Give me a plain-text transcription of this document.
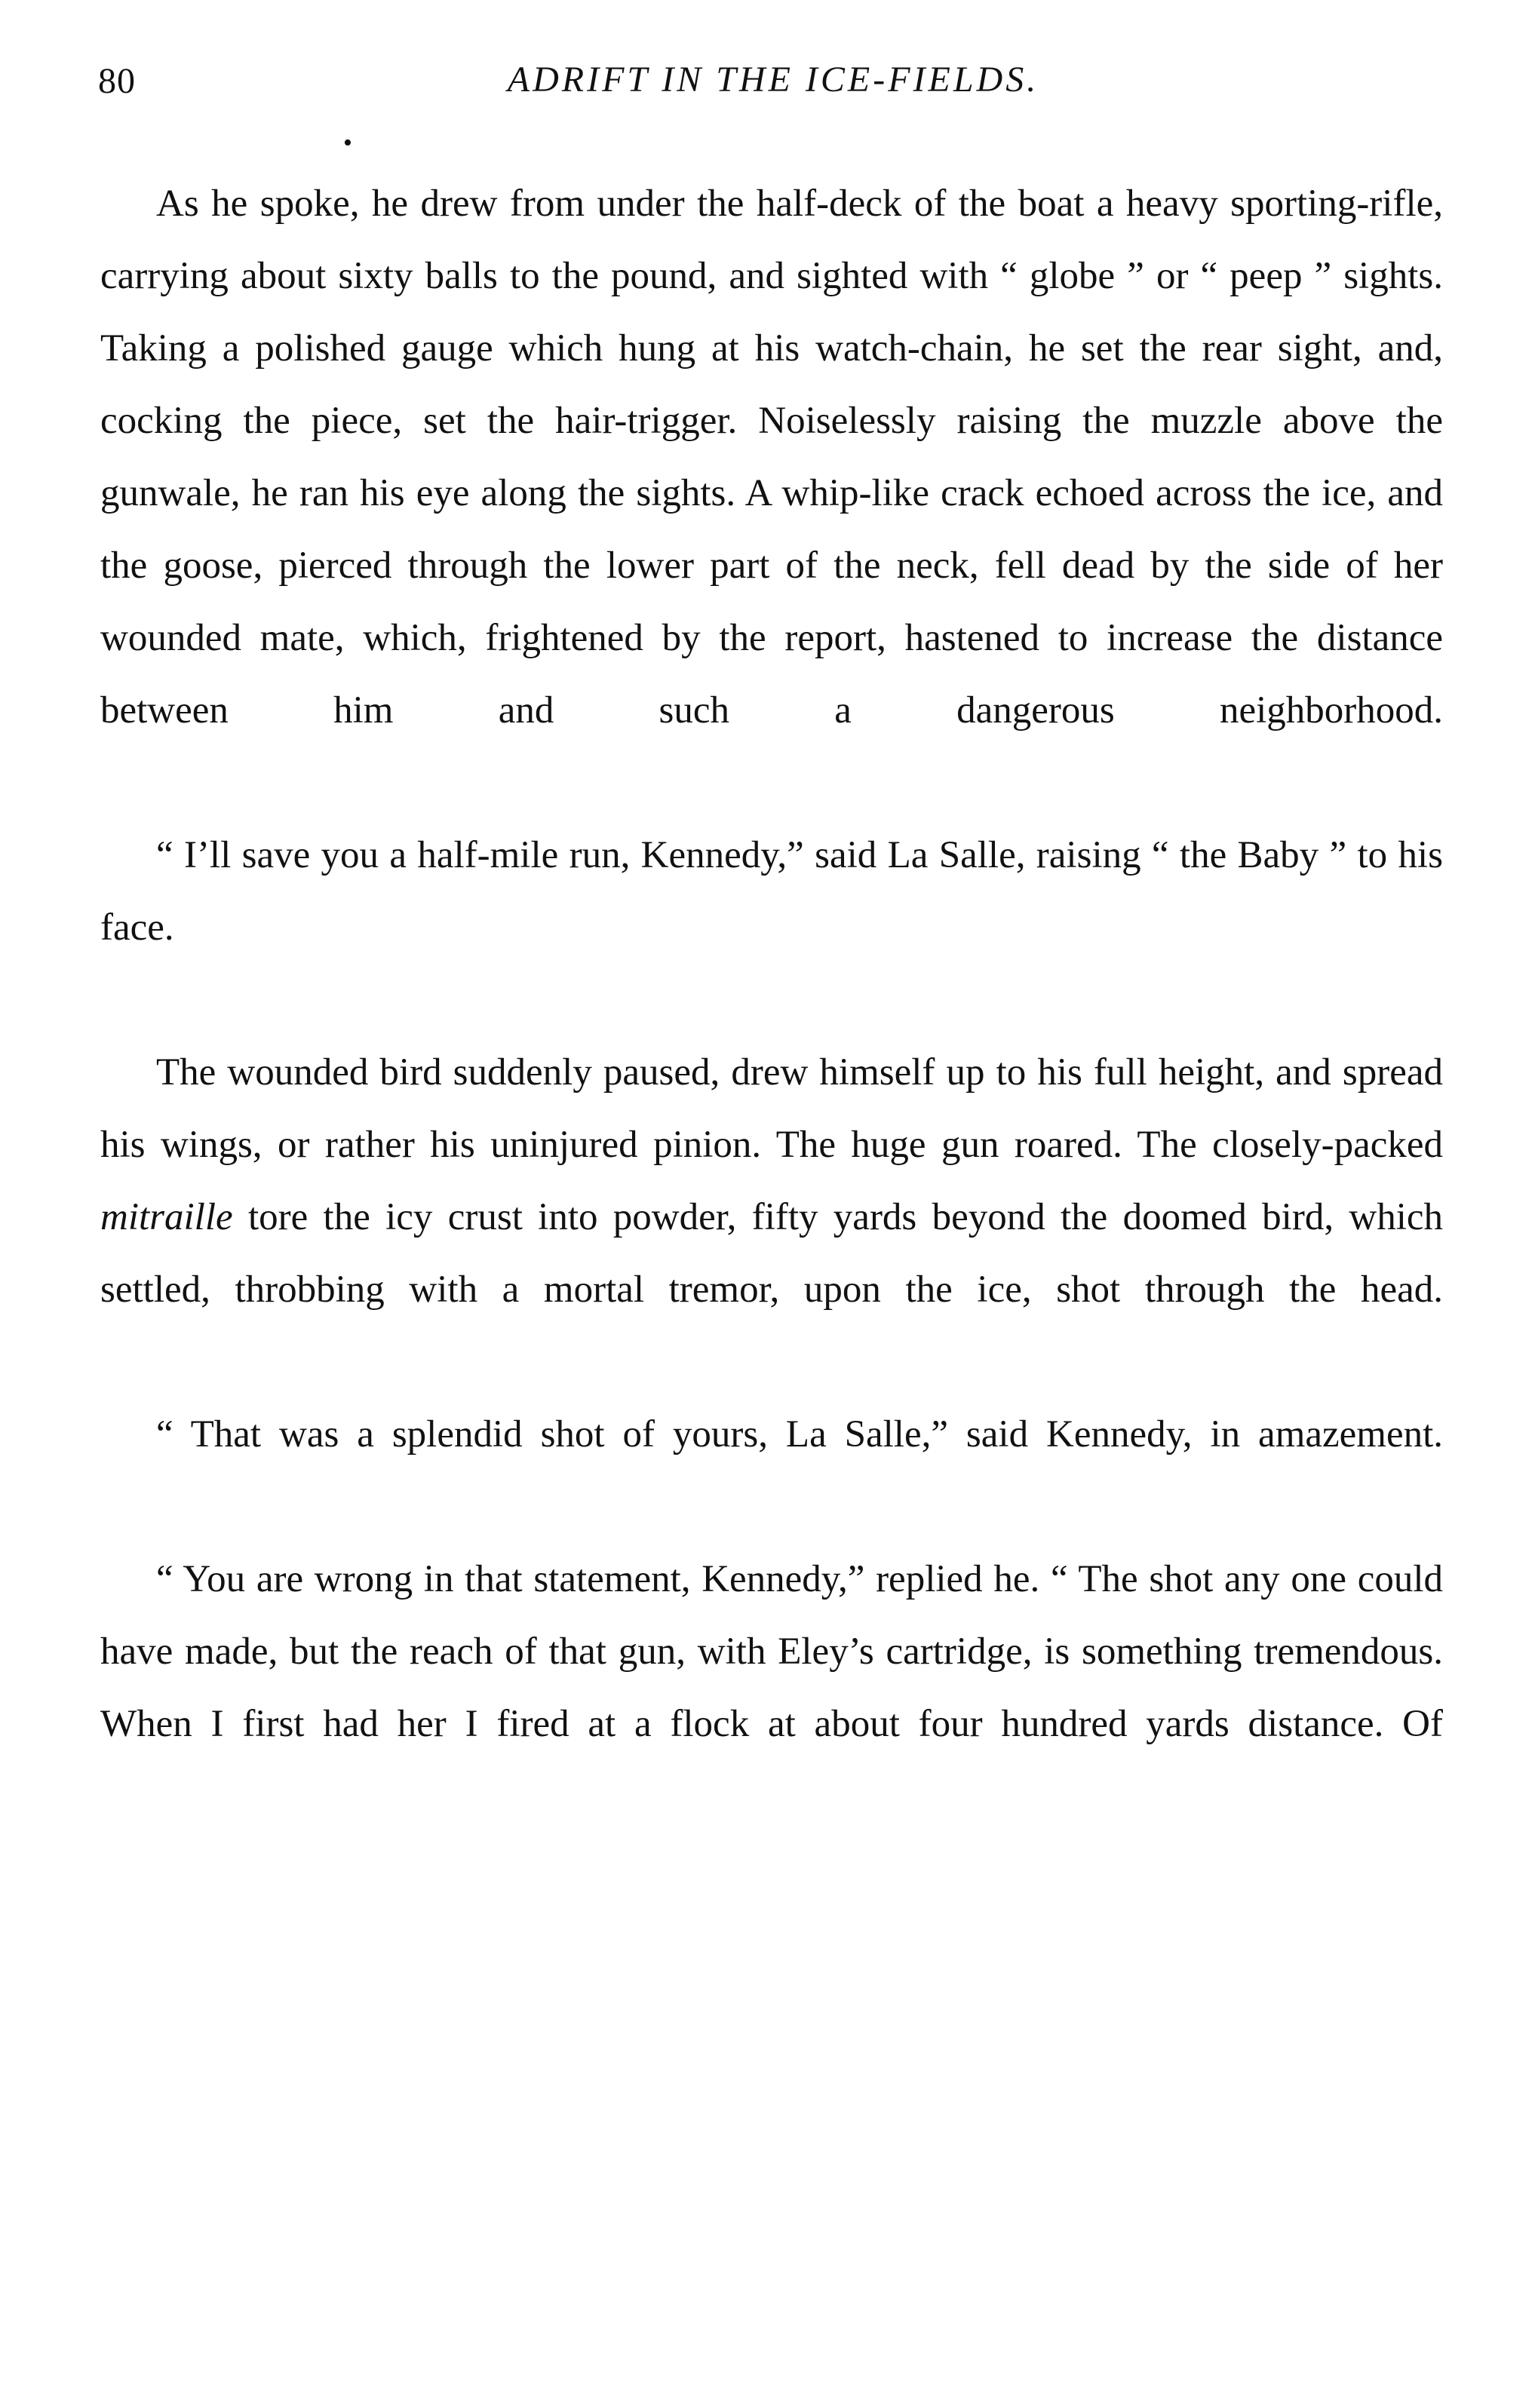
80	ADRIFT IN THE ICE-FIELDS.
•

As he spoke, he drew from under the half-deck of the boat a heavy sporting-rifle, carrying about sixty balls to the pound, and sighted with “ globe ” or “ peep ” sights. Taking a polished gauge which hung at his watch-chain, he set the rear sight, and, cocking the piece, set the hair-trigger. Noiselessly raising the muzzle above the gunwale, he ran his eye along the sights. A whip-like crack echoed across the ice, and the goose, pierced through the lower part of the neck, fell dead by the side of her wounded mate, which, frightened by the report, hastened to increase the distance between him and such a dangerous neighborhood.

“ I’ll save you a half-mile run, Kennedy,” said La Salle, raising “ the Baby ” to his face.

The wounded bird suddenly paused, drew himself up to his full height, and spread his wings, or rather his uninjured pinion. The huge gun roared. The closely-packed mitraille tore the icy crust into powder, fifty yards beyond the doomed bird, which settled, throbbing with a mortal tremor, upon the ice, shot through the head.

“ That was a splendid shot of yours, La Salle,” said Kennedy, in amazement.

“ You are wrong in that statement, Kennedy,” replied he. “ The shot any one could have made, but the reach of that gun, with Eley’s cartridge, is something tremendous. When I first had her I fired at a flock at about four hundred yards distance. Of
